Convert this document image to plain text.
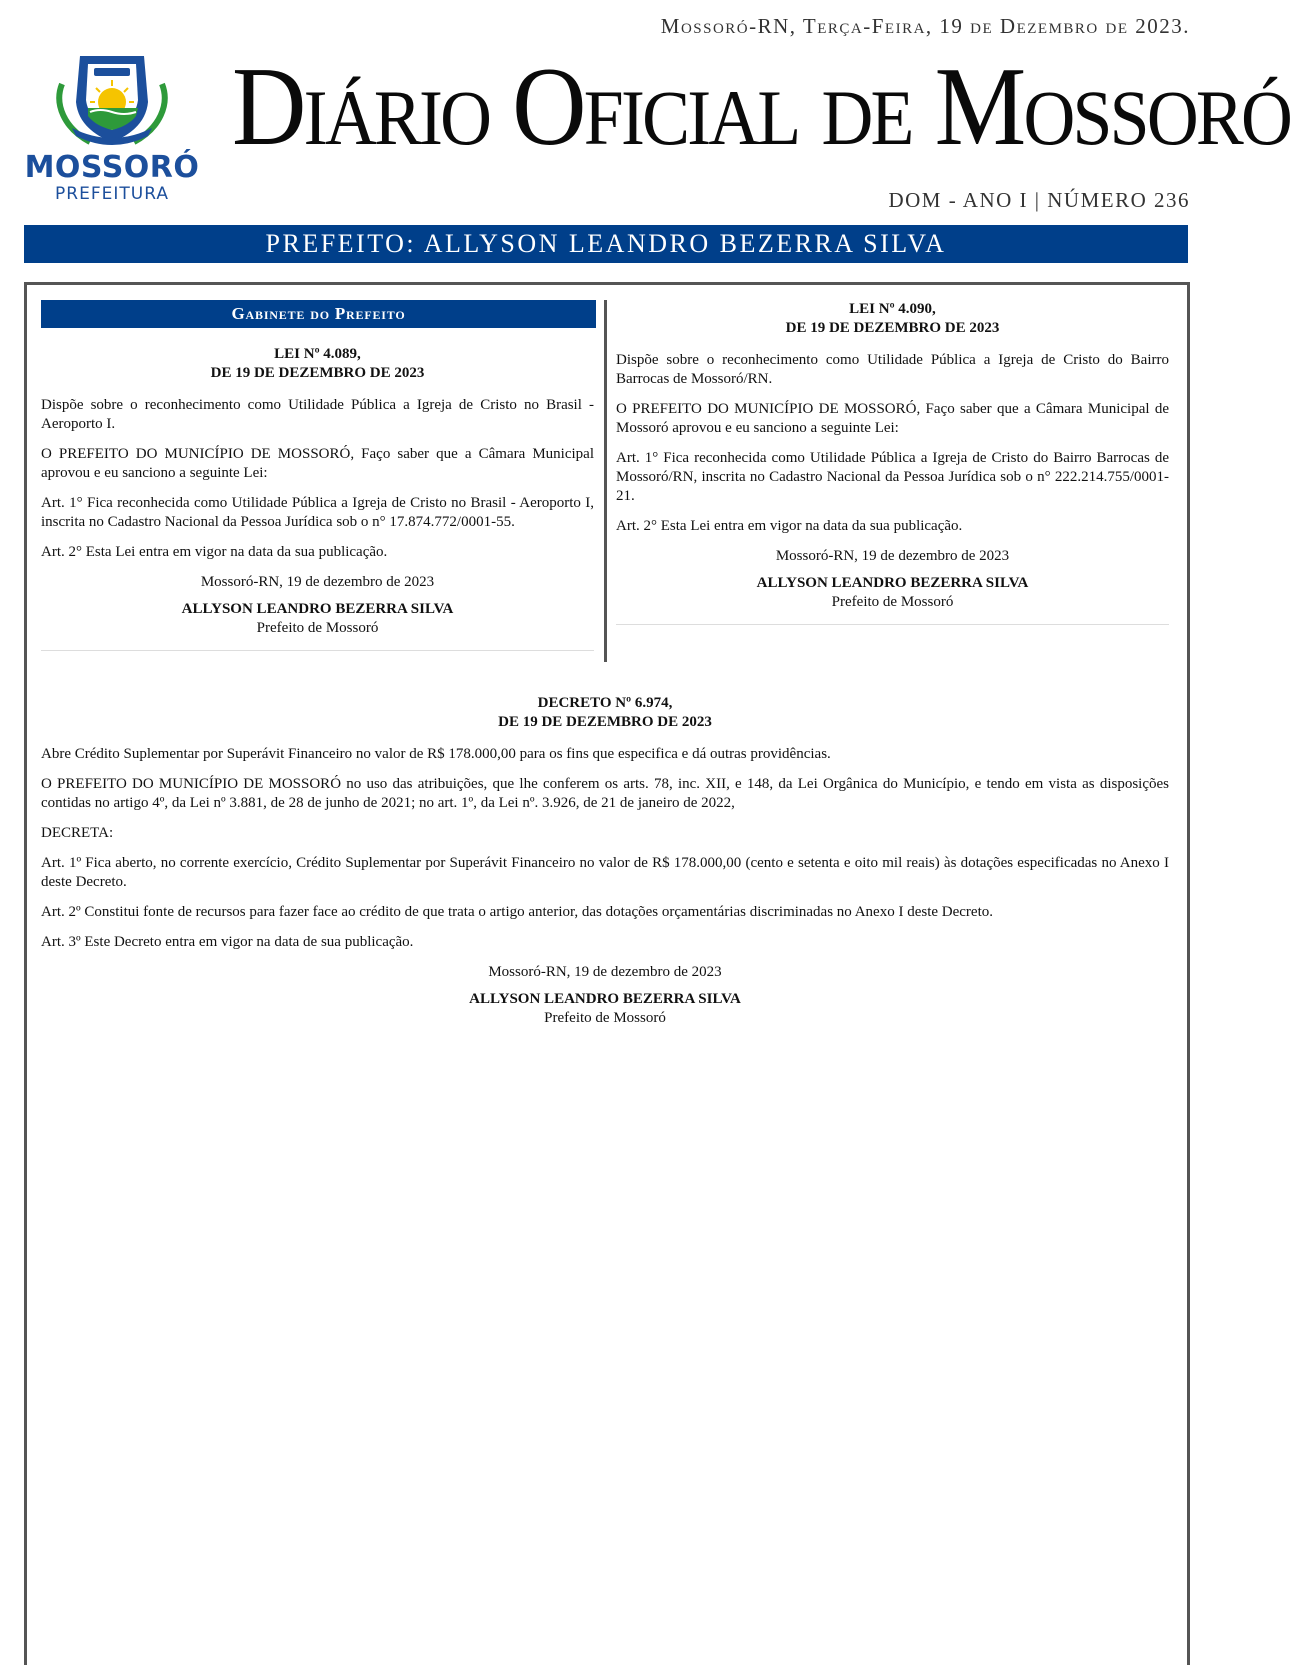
Mossoró-RN, Terça-Feira, 19 de Dezembro de 2023.
MOSSORÓ
PREFEITURA
Diário Oficial de Mossoró
DOM - ANO I | NÚMERO 236
PREFEITO: ALLYSON LEANDRO BEZERRA SILVA
Gabinete do Prefeito
LEI Nº 4.089,
DE 19 DE DEZEMBRO DE 2023

Dispõe sobre o reconhecimento como Utilidade Pública a Igreja de Cristo no Brasil - Aeroporto I.

O PREFEITO DO MUNICÍPIO DE MOSSORÓ, Faço saber que a Câmara Municipal aprovou e eu sanciono a seguinte Lei:

Art. 1° Fica reconhecida como Utilidade Pública a Igreja de Cristo no Brasil - Aeroporto I, inscrita no Cadastro Nacional da Pessoa Jurídica sob o n° 17.874.772/0001-55.

Art. 2° Esta Lei entra em vigor na data da sua publicação.

Mossoró-RN, 19 de dezembro de 2023
ALLYSON LEANDRO BEZERRA SILVA
Prefeito de Mossoró
LEI Nº 4.090,
DE 19 DE DEZEMBRO DE 2023

Dispõe sobre o reconhecimento como Utilidade Pública a Igreja de Cristo do Bairro Barrocas de Mossoró/RN.

O PREFEITO DO MUNICÍPIO DE MOSSORÓ, Faço saber que a Câmara Municipal de Mossoró aprovou e eu sanciono a seguinte Lei:

Art. 1° Fica reconhecida como Utilidade Pública a Igreja de Cristo do Bairro Barrocas de Mossoró/RN, inscrita no Cadastro Nacional da Pessoa Jurídica sob o n° 222.214.755/0001-21.

Art. 2° Esta Lei entra em vigor na data da sua publicação.

Mossoró-RN, 19 de dezembro de 2023
ALLYSON LEANDRO BEZERRA SILVA
Prefeito de Mossoró
DECRETO Nº 6.974,
DE 19 DE DEZEMBRO DE 2023

Abre Crédito Suplementar por Superávit Financeiro no valor de R$ 178.000,00 para os fins que especifica e dá outras providências.

O PREFEITO DO MUNICÍPIO DE MOSSORÓ no uso das atribuições, que lhe conferem os arts. 78, inc. XII, e 148, da Lei Orgânica do Município, e tendo em vista as disposições contidas no artigo 4º, da Lei nº 3.881, de 28 de junho de 2021; no art. 1º, da Lei nº. 3.926, de 21 de janeiro de 2022,

DECRETA:

Art. 1º Fica aberto, no corrente exercício, Crédito Suplementar por Superávit Financeiro no valor de R$ 178.000,00 (cento e setenta e oito mil reais) às dotações especificadas no Anexo I deste Decreto.

Art. 2º Constitui fonte de recursos para fazer face ao crédito de que trata o artigo anterior, das dotações orçamentárias discriminadas no Anexo I deste Decreto.

Art. 3º Este Decreto entra em vigor na data de sua publicação.

Mossoró-RN, 19 de dezembro de 2023
ALLYSON LEANDRO BEZERRA SILVA
Prefeito de Mossoró
